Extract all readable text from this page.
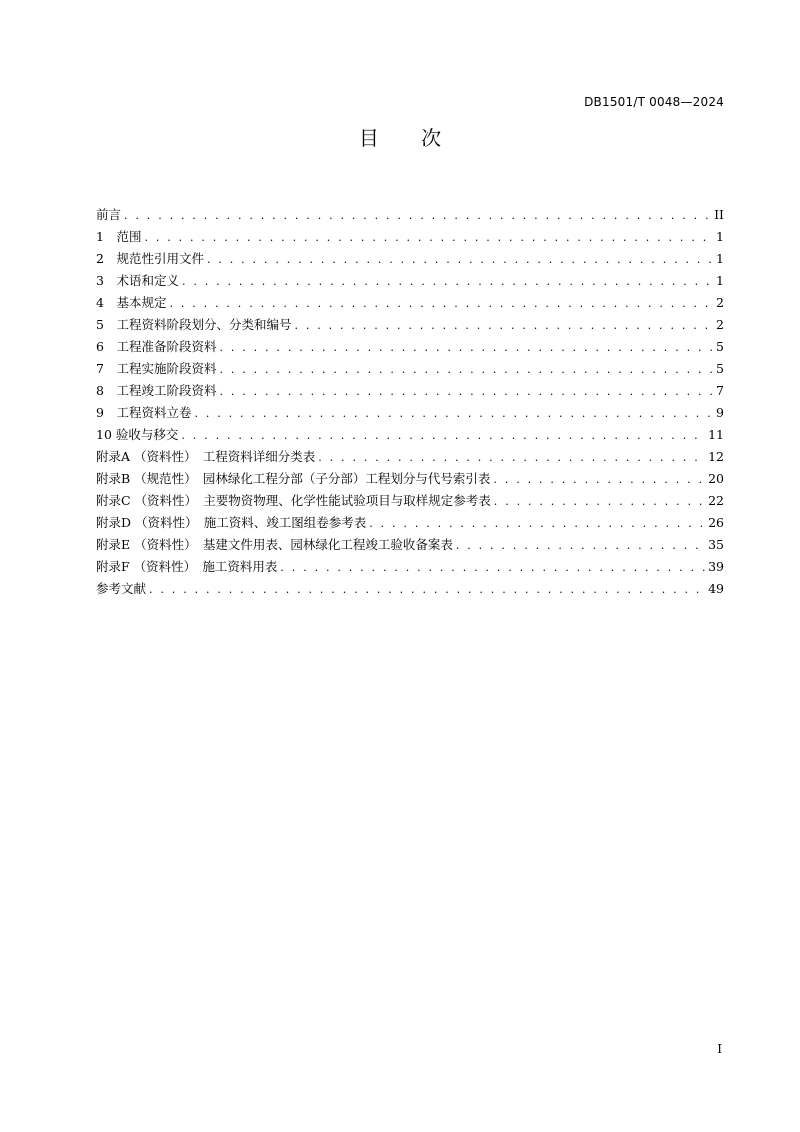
DB1501/T 0048—2024
目 次
前言 . . .	II
1　范围 . . .	1
2　规范性引用文件 . . .	1
3　术语和定义 . . .	1
4　基本规定 . . .	2
5　工程资料阶段划分、分类和编号 . . .	2
6　工程准备阶段资料 . . .	5
7　工程实施阶段资料 . . .	5
8　工程竣工阶段资料 . . .	7
9　工程资料立卷 . . .	9
10 验收与移交 . . .	11
附录A （资料性）　工程资料详细分类表 . . .	12
附录B （规范性）　园林绿化工程分部（子分部）工程划分与代号索引表 . . .	20
附录C （资料性）　主要物资物理、化学性能试验项目与取样规定参考表 . . .	22
附录D （资料性）　施工资料、竣工图组卷参考表 . . .	26
附录E （资料性）　基建文件用表、园林绿化工程竣工验收备案表 . . .	35
附录F （资料性）　施工资料用表 . . .	39
参考文献 . . .	49
I
